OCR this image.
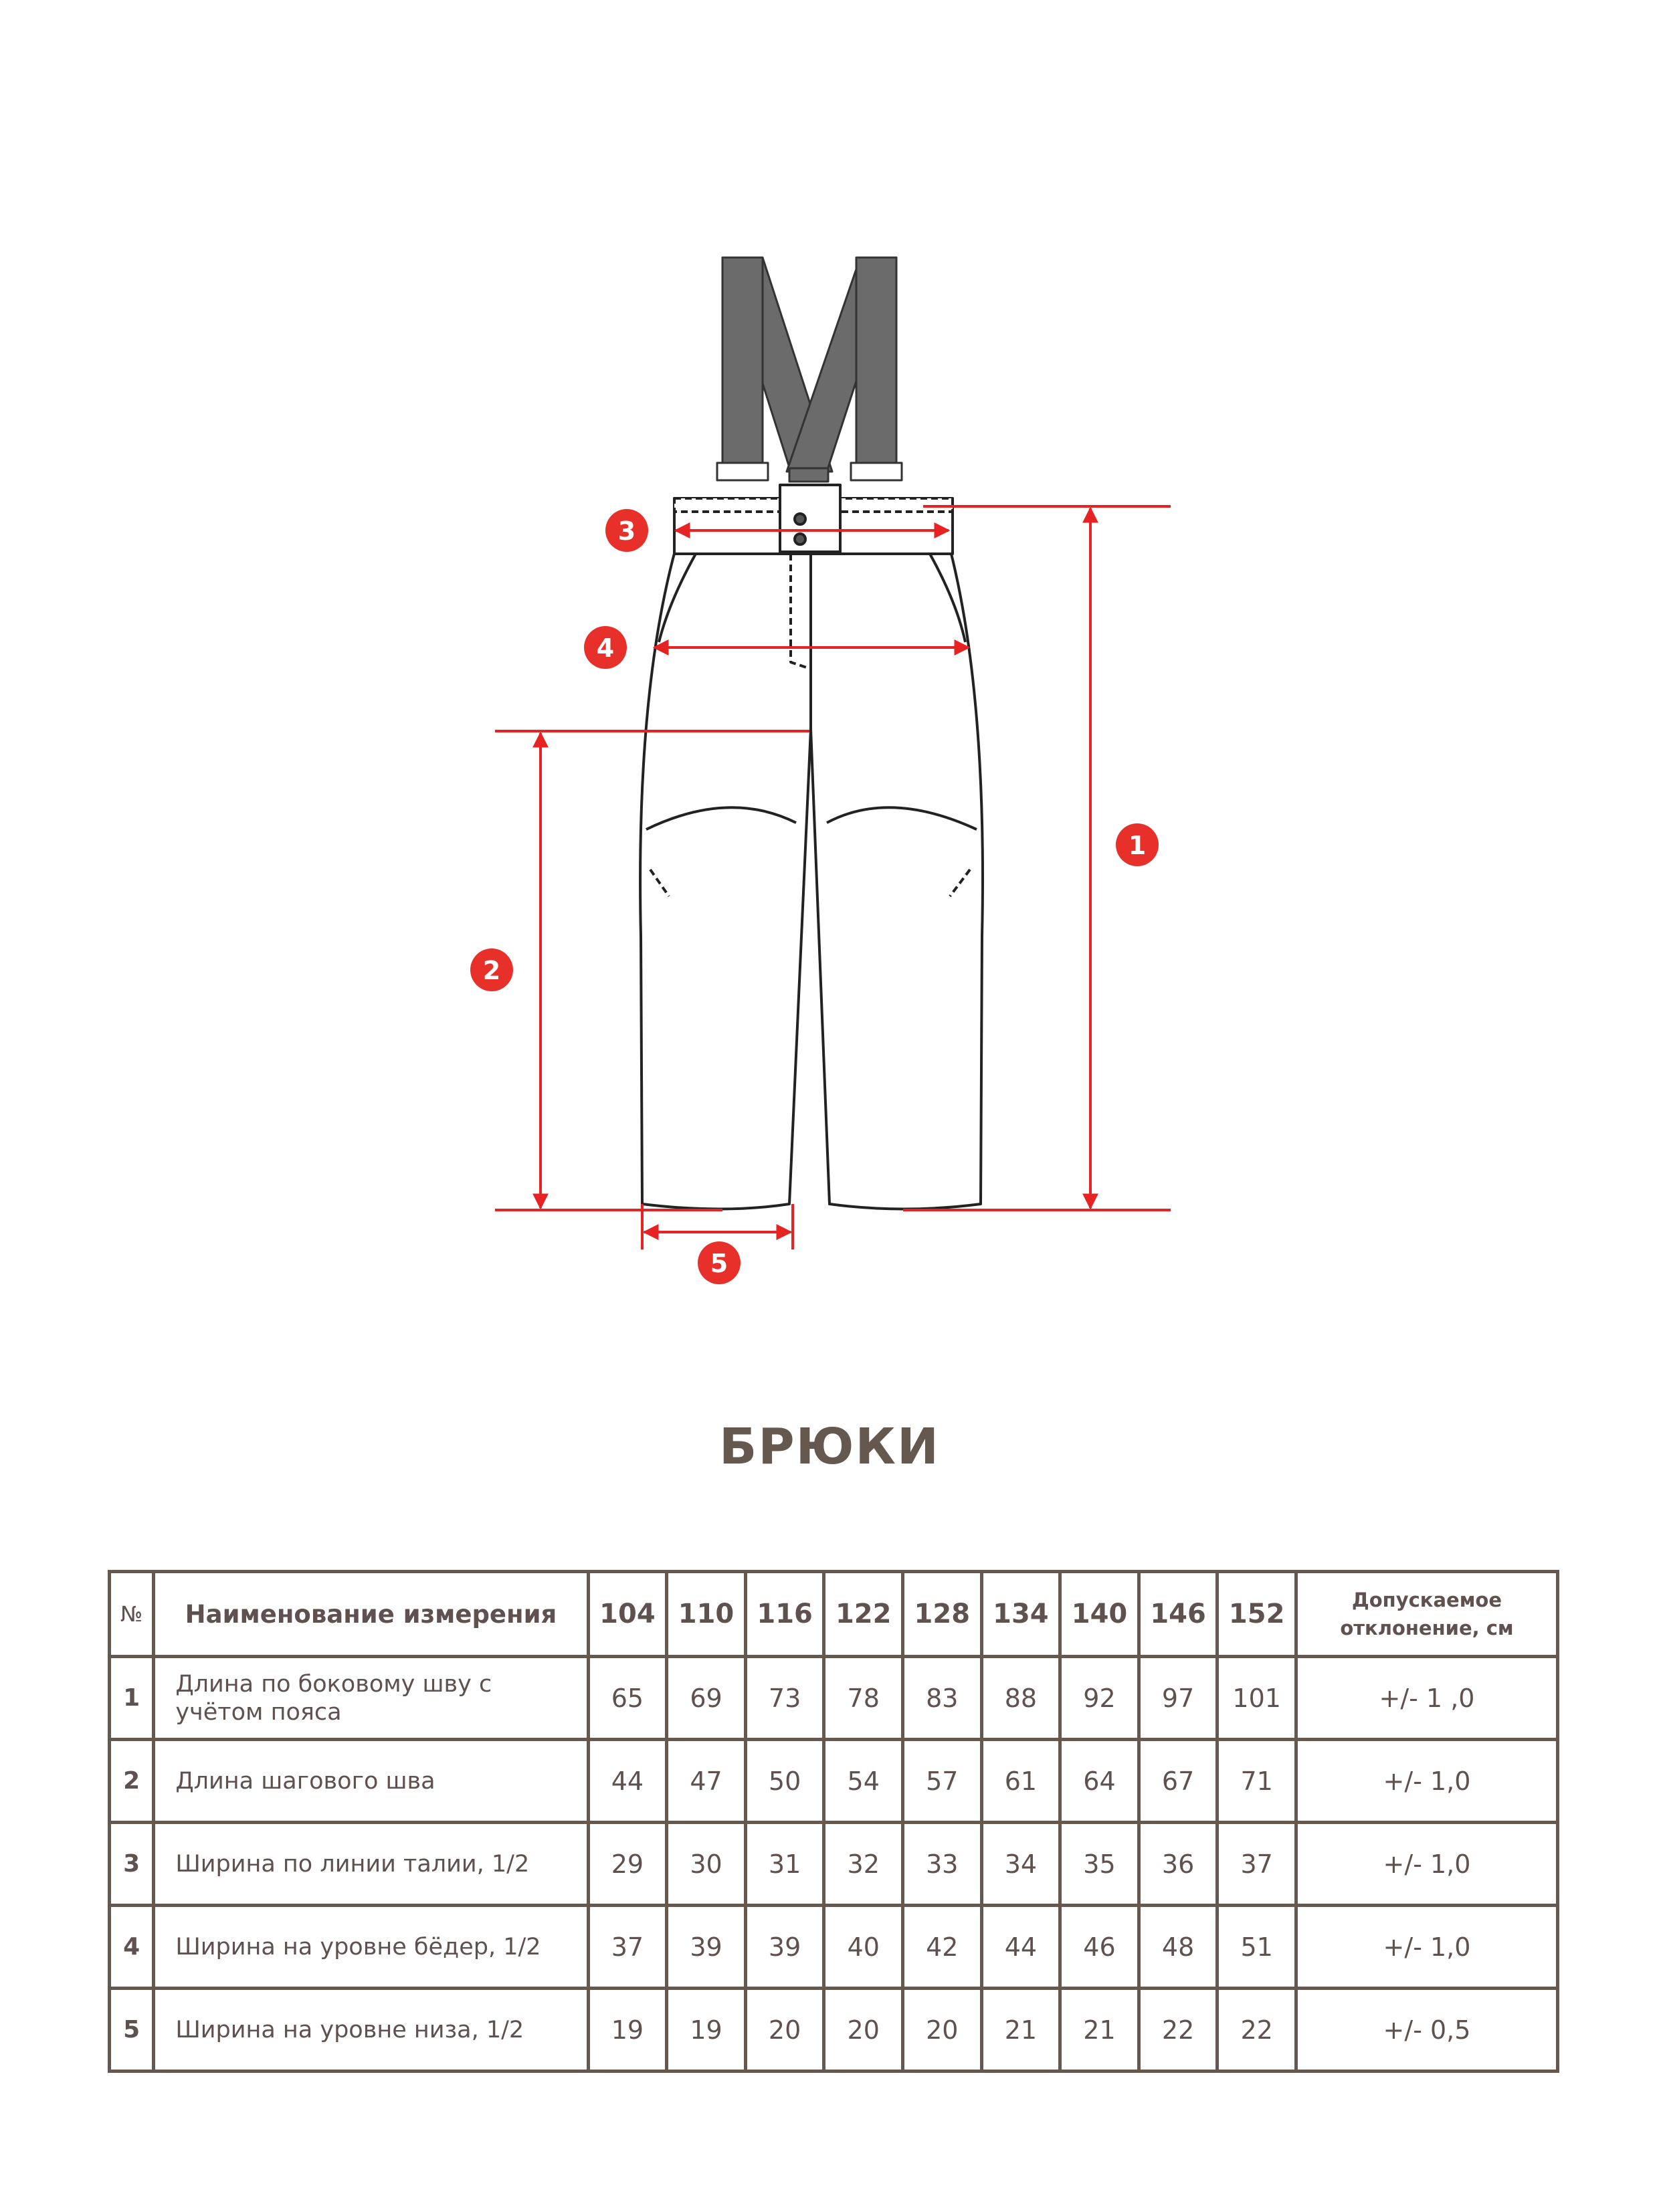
1
2
3
4
5
БРЮКИ
№	Наименование измерения	104	110	116	122	128	134	140	146	152	Допускаемое отклонение, см
1	Длина по боковому шву с учётом пояса	65	69	73	78	83	88	92	97	101	+/- 1 ,0
2	Длина шагового шва	44	47	50	54	57	61	64	67	71	+/- 1,0
3	Ширина по линии талии, 1/2	29	30	31	32	33	34	35	36	37	+/- 1,0
4	Ширина на уровне бёдер, 1/2	37	39	39	40	42	44	46	48	51	+/- 1,0
5	Ширина на уровне низа, 1/2	19	19	20	20	20	21	21	22	22	+/- 0,5
